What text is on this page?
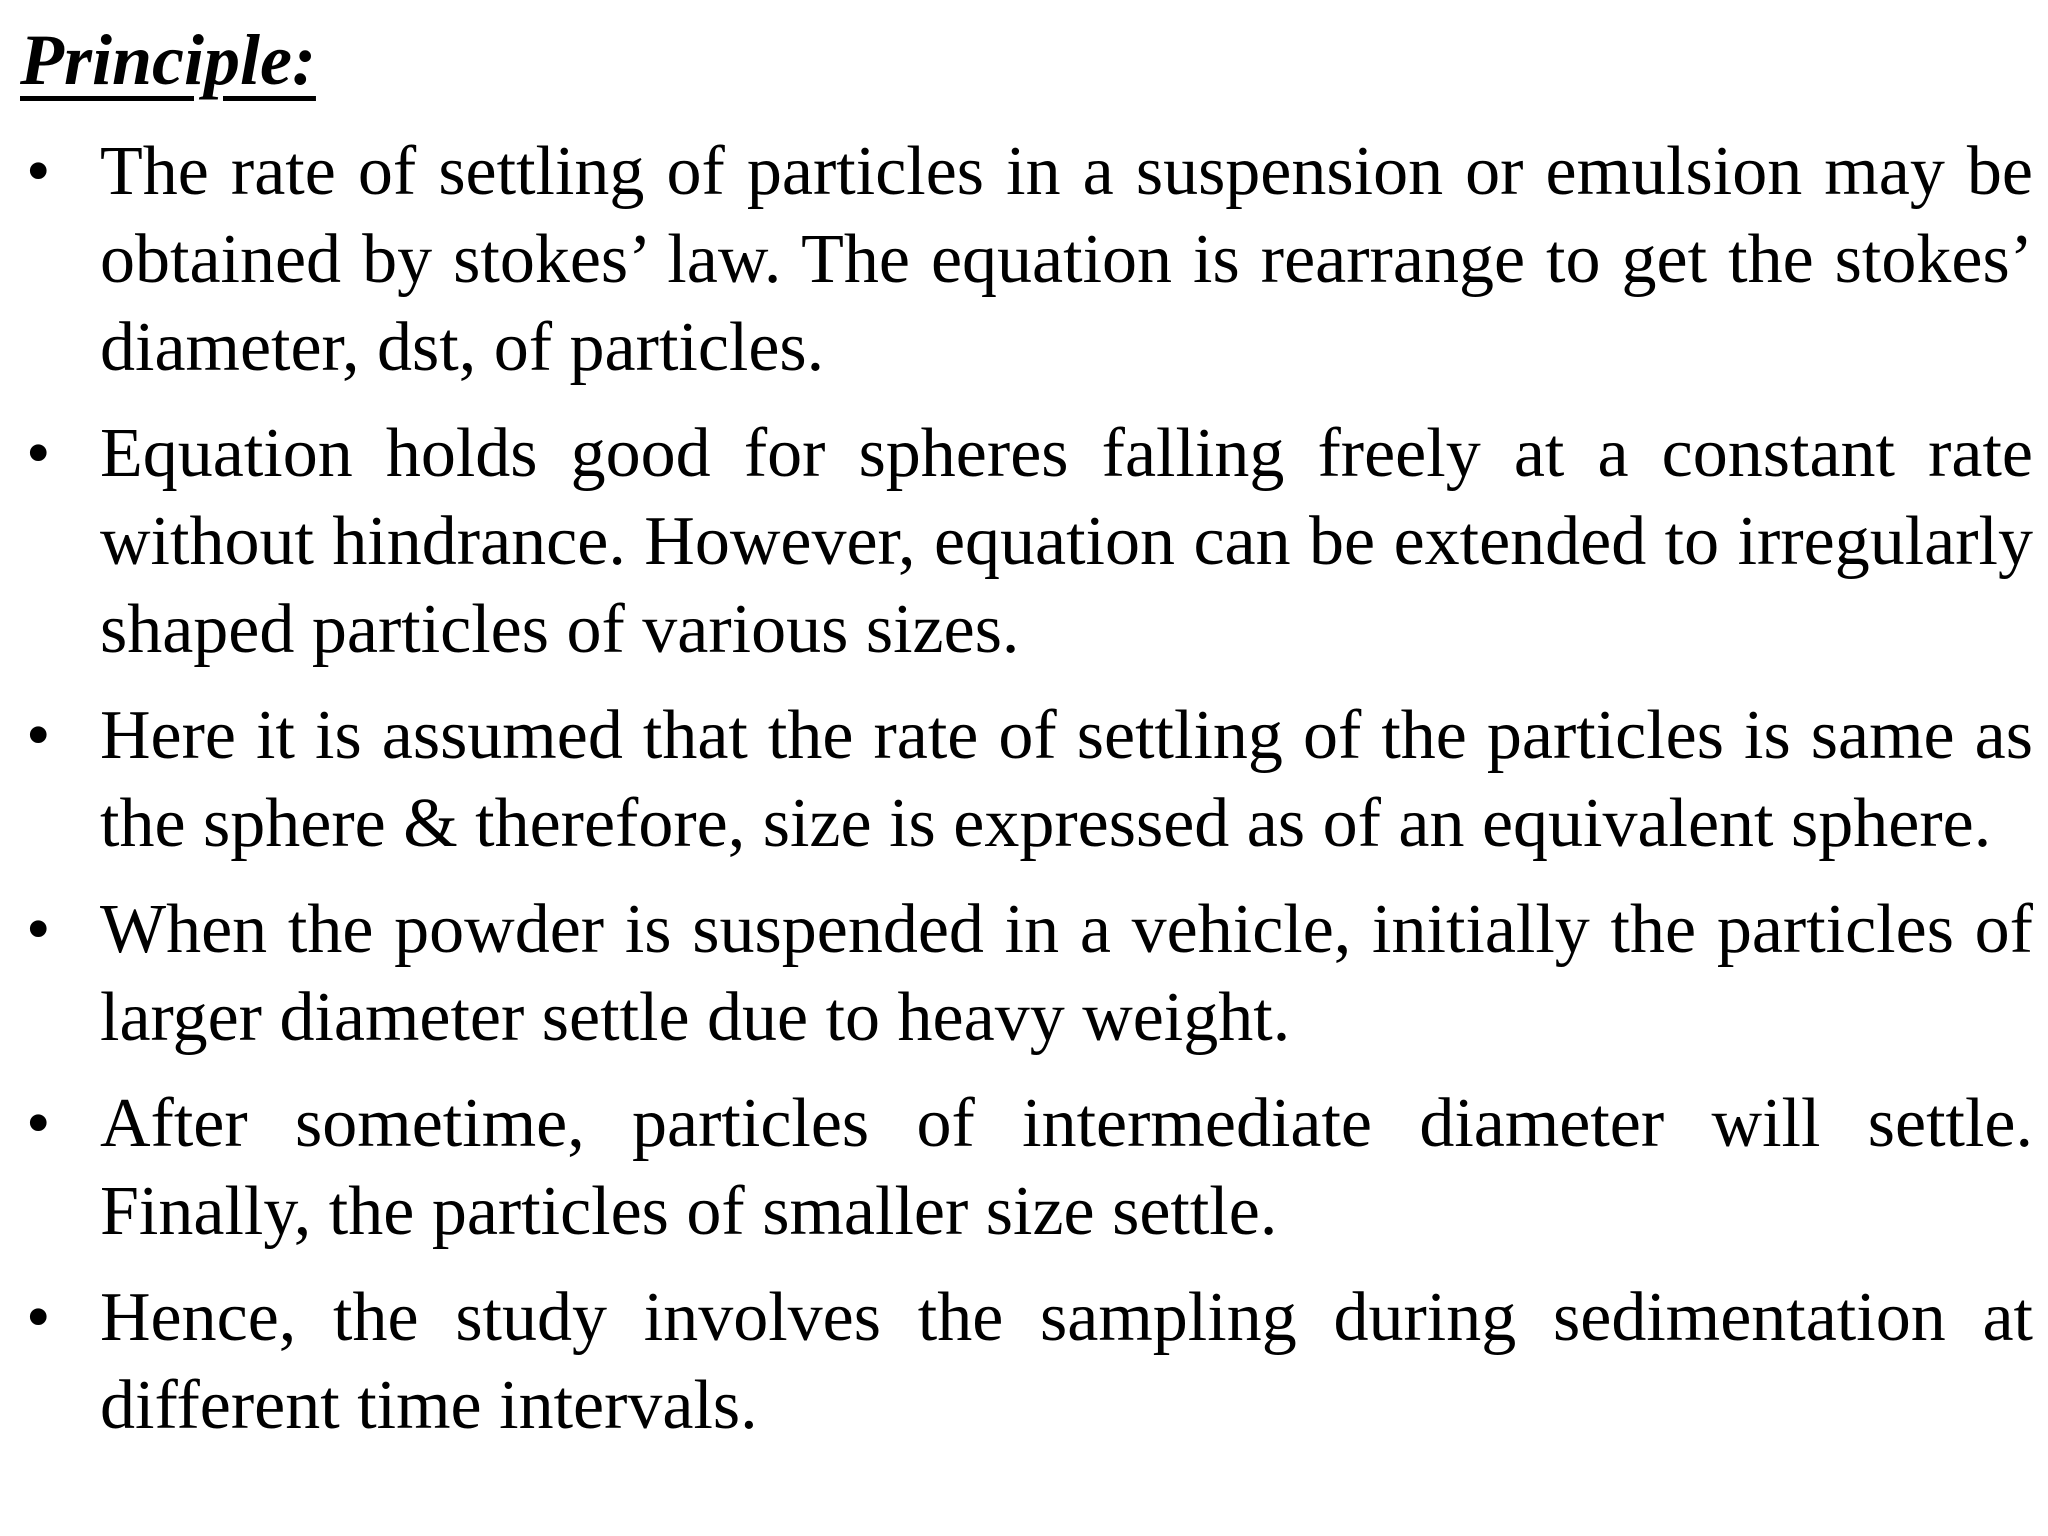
Principle:
• The rate of settling of particles in a suspension or emulsion may be obtained by stokes’ law. The equation is rearrange to get the stokes’ diameter, dst, of particles.
• Equation holds good for spheres falling freely at a constant rate without hindrance. However, equation can be extended to irregularly shaped particles of various sizes.
• Here it is assumed that the rate of settling of the particles is same as the sphere & therefore, size is expressed as of an equivalent sphere.
• When the powder is suspended in a vehicle, initially the particles of larger diameter settle due to heavy weight.
• After sometime, particles of intermediate diameter will settle. Finally, the particles of smaller size settle.
• Hence, the study involves the sampling during sedimentation at different time intervals.
